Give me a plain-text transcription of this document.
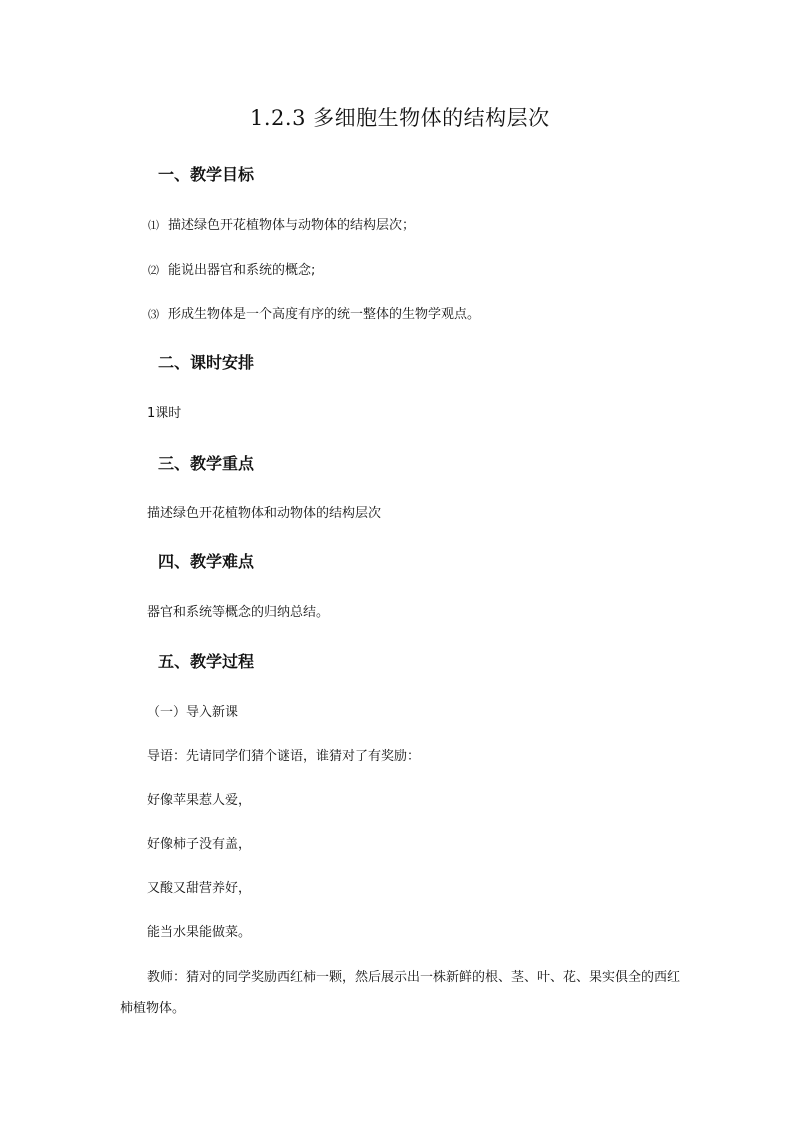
1.2.3 多细胞生物体的结构层次
一、教学目标
⑴ 描述绿色开花植物体与动物体的结构层次；
⑵ 能说出器官和系统的概念;
⑶ 形成生物体是一个高度有序的统一整体的生物学观点。
二、课时安排
1课时
三、教学重点
描述绿色开花植物体和动物体的结构层次
四、教学难点
器官和系统等概念的归纳总结。
五、教学过程
（一）导入新课
导语：先请同学们猜个谜语，谁猜对了有奖励：
好像苹果惹人爱，
好像柿子没有盖，
又酸又甜营养好，
能当水果能做菜。
教师：猜对的同学奖励西红柿一颗，然后展示出一株新鲜的根、茎、叶、花、果实俱全的西红柿植物体。
